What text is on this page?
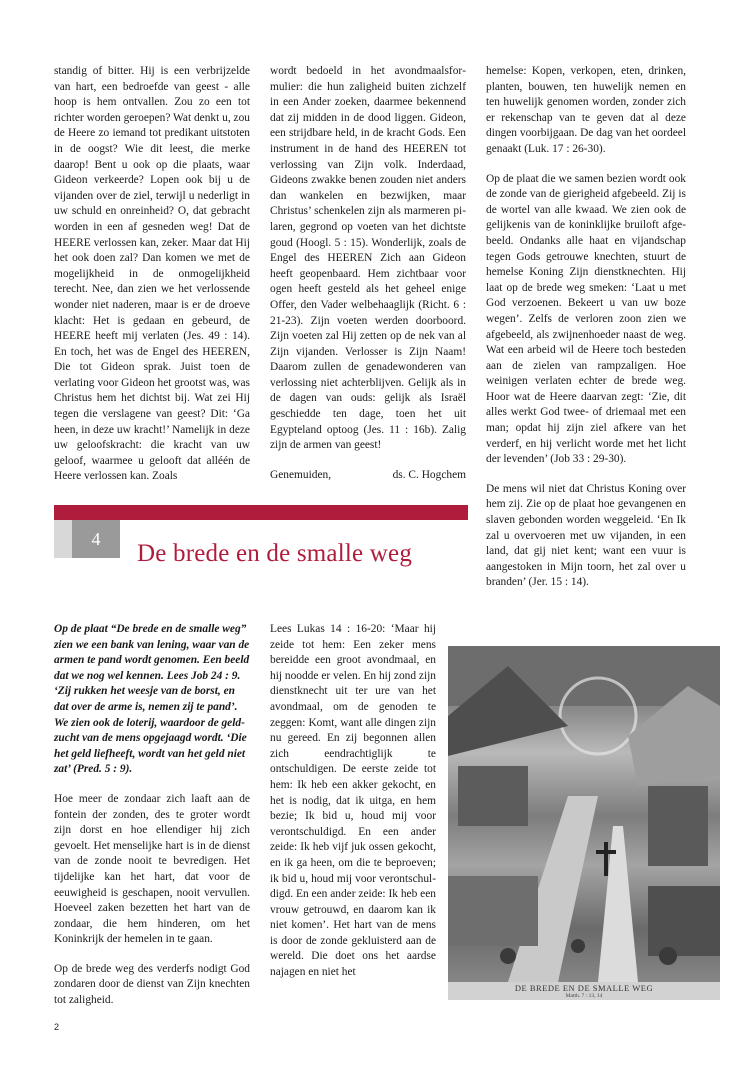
standig of bitter. Hij is een verbrijzelde van hart, een bedroefde van geest - alle hoop is hem ontvallen. Zou zo een tot richter worden geroepen? Wat denkt u, zou de Heere zo iemand tot predikant uitstoten in de oogst? Wie dit leest, die merke daarop! Bent u ook op die plaats, waar Gideon verkeerde? Lopen ook bij u de vijanden over de ziel, terwijl u nederligt in uw schuld en onreinheid? O, dat gebracht worden in een af gesneden weg! Dat de HEERE verlossen kan, zeker. Maar dat Hij het ook doen zal? Dan komen we met de mogelijkheid in de onmogelijkheid terecht. Nee, dan zien we het verlossende wonder niet naderen, maar is er de droeve klacht: Het is gedaan en gebeurd, de HEERE heeft mij verlaten (Jes. 49 : 14). En toch, het was de Engel des HEEREN, Die tot Gideon sprak. Juist toen de verlating voor Gideon het grootst was, was Christus hem het dichtst bij. Wat zei Hij tegen die verslagene van geest? Dit: ‘Ga heen, in deze uw kracht!’ Namelijk in deze uw geloofskracht: die kracht van uw geloof, waarmee u gelooft dat alléén de Heere verlossen kan. Zoals

wordt bedoeld in het avondmaalsformulier: die hun zaligheid buiten zichzelf in een Ander zoeken, daarmee bekennend dat zij midden in de dood liggen. Gideon, een strijdbare held, in de kracht Gods. Een instrument in de hand des HEEREN tot verlossing van Zijn volk. Inderdaad, Gideons zwakke benen zouden niet anders dan wankelen en bezwijken, maar Christus’ schenkelen zijn als marmeren pilaren, gegrond op voeten van het dichtste goud (Hoogl. 5 : 15). Wonderlijk, zoals de Engel des HEEREN Zich aan Gideon heeft geopenbaard. Hem zichtbaar voor ogen heeft gesteld als het geheel enige Offer, den Vader welbehaaglijk (Richt. 6 : 21-23). Zijn voeten werden doorboord. Zijn voeten zal Hij zetten op de nek van al Zijn vijanden. Verlosser is Zijn Naam! Daarom zullen de genadewonderen van verlossing niet achterblijven. Gelijk als in de dagen van ouds: gelijk als Israël geschiedde ten dage, toen het uit Egypteland optoog (Jes. 11 : 16b). Zalig zijn de armen van geest!

Genemuiden,	ds. C. Hogchem

hemelse: Kopen, verkopen, eten, drinken, planten, bouwen, ten huwelijk nemen en ten huwelijk genomen worden, zonder zich er rekenschap van te geven dat al deze dingen voorbijgaan. De dag van het oordeel genaakt (Luk. 17 : 26-30).

Op de plaat die we samen bezien wordt ook de zonde van de gierigheid afgebeeld. Zij is de wortel van alle kwaad. We zien ook de gelijkenis van de koninklijke bruiloft afgebeeld. Ondanks alle haat en vijandschap tegen Gods getrouwe knechten, stuurt de hemelse Koning Zijn dienstknechten. Hij laat op de brede weg smeken: ‘Laat u met God verzoenen. Bekeert u van uw boze wegen’. Zelfs de verloren zoon zien we afgebeeld, als zwijnenhoeder naast de weg. Wat een arbeid wil de Heere toch besteden aan de zielen van rampzaligen. Hoe weinigen verlaten echter de brede weg. Hoor wat de Heere daarvan zegt: ‘Zie, dit alles werkt God twee- of driemaal met een man; opdat hij zijn ziel afkere van het verderf, en hij verlicht worde met het licht der levenden’ (Job 33 : 29-30).

De mens wil niet dat Christus Koning over hem zij. Zie op de plaat hoe gevangenen en slaven gebonden worden weggeleid. ‘En Ik zal u overvoeren met uw vijanden, in een land, dat gij niet kent; want een vuur is aangestoken in Mijn toorn, het zal over u branden’ (Jer. 15 : 14).

4
De brede en de smalle weg

Op de plaat “De brede en de smalle weg” zien we een bank van lening, waar van de armen te pand wordt genomen. Een beeld dat we nog wel kennen. Lees Job 24 : 9. ‘Zij rukken het weesje van de borst, en dat over de arme is, nemen zij te pand’. We zien ook de loterij, waardoor de geldzucht van de mens opgejaagd wordt. ‘Die het geld liefheeft, wordt van het geld niet zat’ (Pred. 5 : 9).

Hoe meer de zondaar zich laaft aan de fontein der zonden, des te groter wordt zijn dorst en hoe ellendiger hij zich gevoelt. Het menselijke hart is in de dienst van de zonde nooit te bevredigen. Het tijdelijke kan het hart, dat voor de eeuwigheid is geschapen, nooit vervullen. Hoeveel zaken bezetten het hart van de zondaar, die hem hinderen, om het Koninkrijk der hemelen in te gaan.

Op de brede weg des verderfs nodigt God zondaren door de dienst van Zijn knechten tot zaligheid.

Lees Lukas 14 : 16-20: ‘Maar hij zeide tot hem: Een zeker mens bereidde een groot avondmaal, en hij noodde er velen. En hij zond zijn dienstknecht uit ter ure van het avondmaal, om de genoden te zeggen: Komt, want alle dingen zijn nu gereed. En zij begonnen allen zich eendrachtiglijk te ontschuldigen. De eerste zeide tot hem: Ik heb een akker gekocht, en het is nodig, dat ik uitga, en hem bezie; Ik bid u, houd mij voor verontschuldigd. En een ander zeide: Ik heb vijf juk ossen gekocht, en ik ga heen, om die te beproeven; ik bid u, houd mij voor verontschuldigd. En een ander zeide: Ik heb een vrouw getrouwd, en daarom kan ik niet komen’. Het hart van de mens is door de zonde gekluisterd aan de wereld. Die doet ons het aardse najagen en niet het

DE BREDE EN DE SMALLE WEG
Matth. 7 : 13, 14
2
